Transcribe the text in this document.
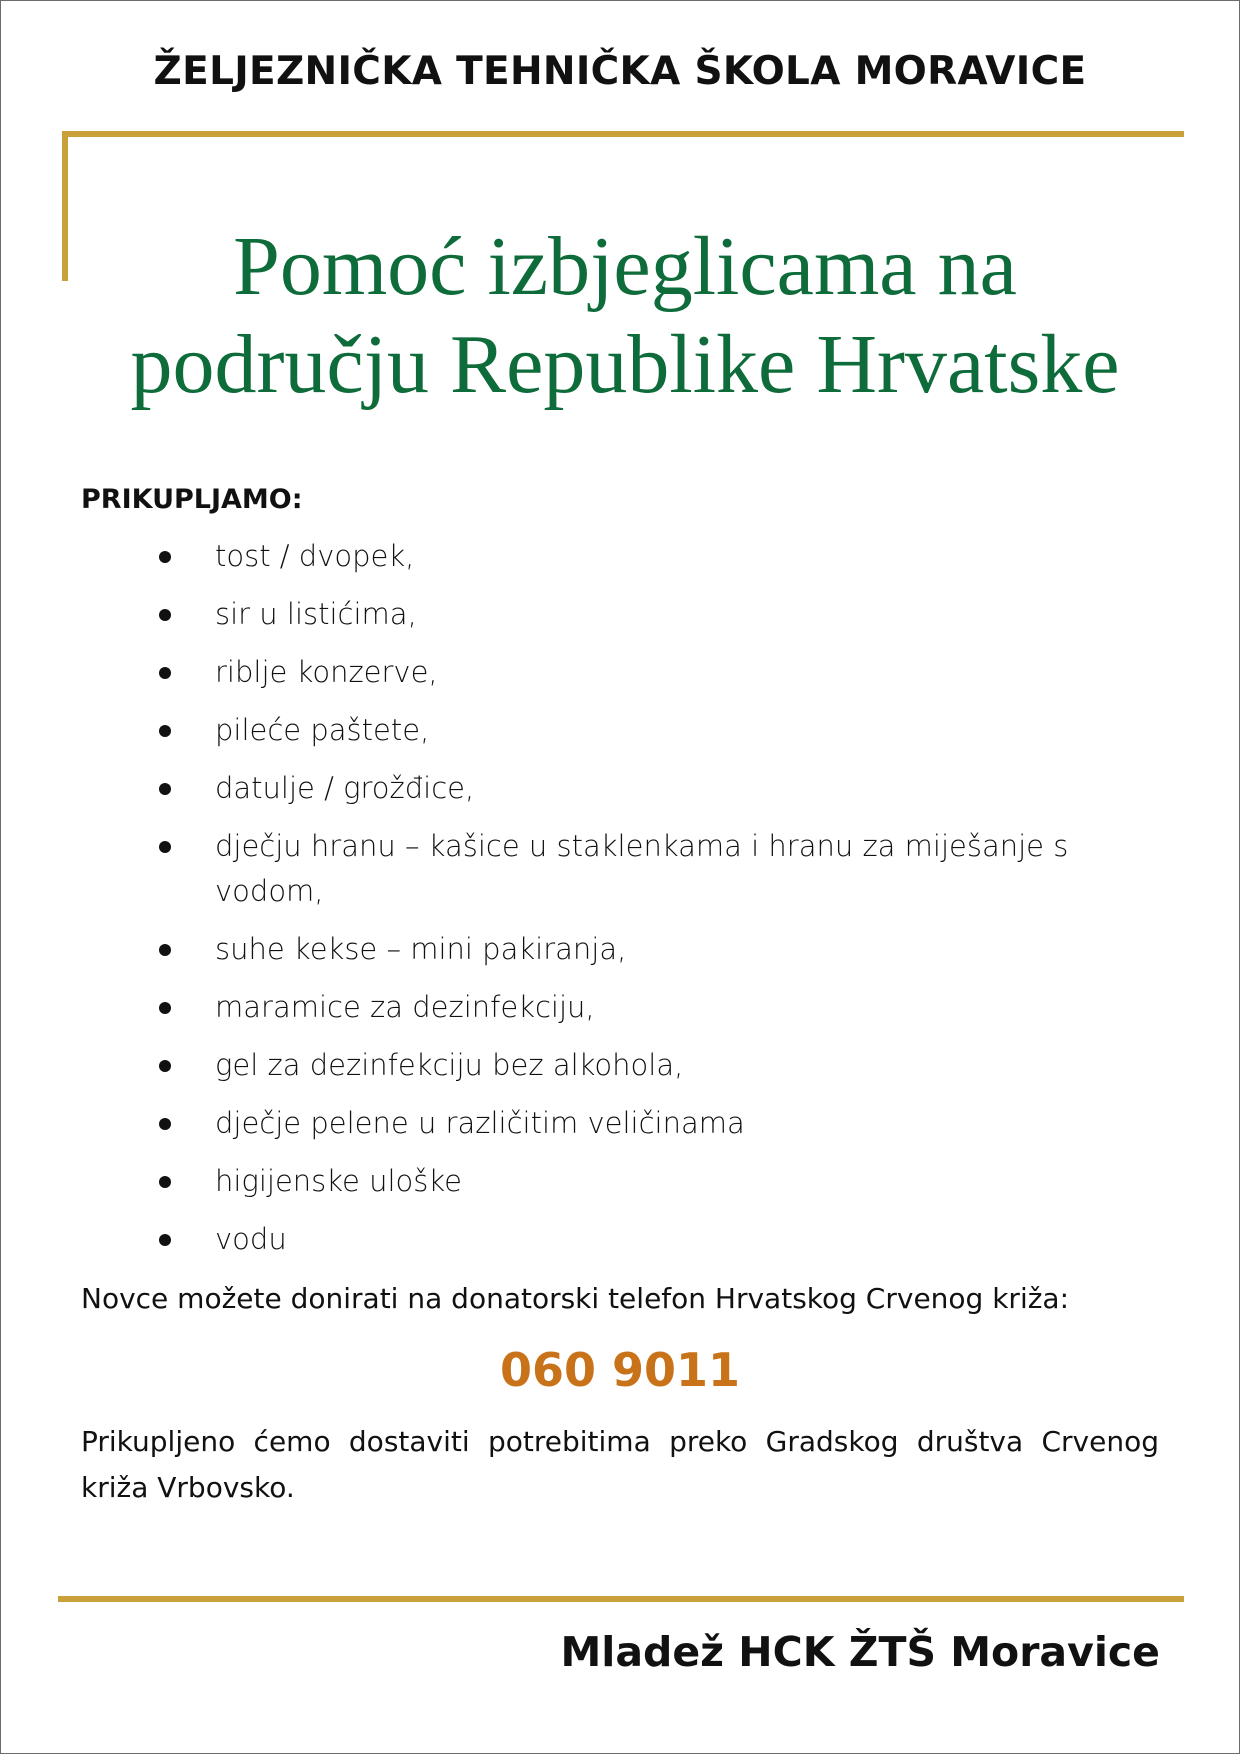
ŽELJEZNIČKA TEHNIČKA ŠKOLA MORAVICE
Pomoć izbjeglicama na
području Republike Hrvatske
PRIKUPLJAMO:
tost / dvopek,
sir u listićima,
riblje konzerve,
pileće paštete,
datulje / grožđice,
dječju hranu – kašice u staklenkama i hranu za miješanje s vodom,
suhe kekse – mini pakiranja,
maramice za dezinfekciju,
gel za dezinfekciju bez alkohola,
dječje pelene u različitim veličinama
higijenske uloške
vodu
Novce možete donirati na donatorski telefon Hrvatskog Crvenog križa:
060 9011
Prikupljeno ćemo dostaviti potrebitima preko Gradskog društva Crvenog križa Vrbovsko.
Mladež HCK ŽTŠ Moravice
